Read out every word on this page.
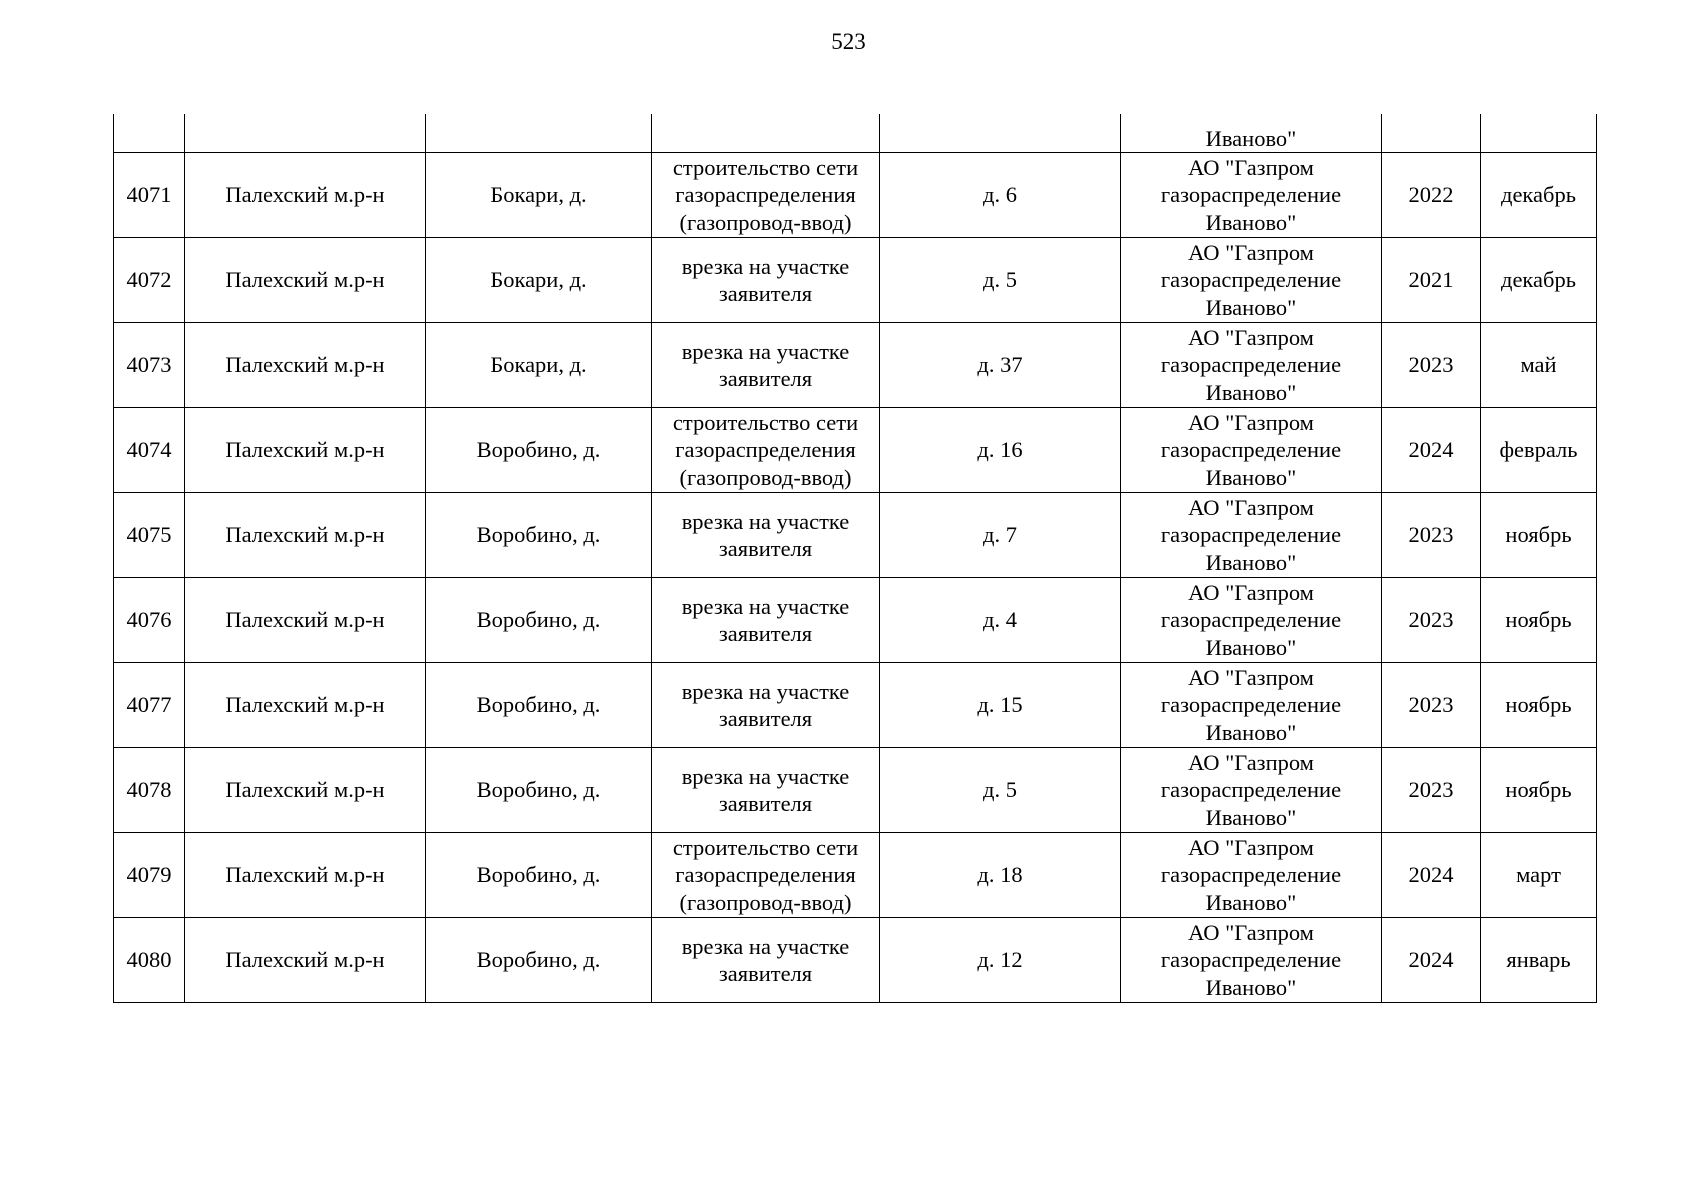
523
					Иваново"		
4071	Палехский м.р-н	Бокари, д.	строительство сети
газораспределения
(газопровод-ввод)	д. 6	АО "Газпром
газораспределение
Иваново"	2022	декабрь
4072	Палехский м.р-н	Бокари, д.	врезка на участке
заявителя	д. 5	АО "Газпром
газораспределение
Иваново"	2021	декабрь
4073	Палехский м.р-н	Бокари, д.	врезка на участке
заявителя	д. 37	АО "Газпром
газораспределение
Иваново"	2023	май
4074	Палехский м.р-н	Воробино, д.	строительство сети
газораспределения
(газопровод-ввод)	д. 16	АО "Газпром
газораспределение
Иваново"	2024	февраль
4075	Палехский м.р-н	Воробино, д.	врезка на участке
заявителя	д. 7	АО "Газпром
газораспределение
Иваново"	2023	ноябрь
4076	Палехский м.р-н	Воробино, д.	врезка на участке
заявителя	д. 4	АО "Газпром
газораспределение
Иваново"	2023	ноябрь
4077	Палехский м.р-н	Воробино, д.	врезка на участке
заявителя	д. 15	АО "Газпром
газораспределение
Иваново"	2023	ноябрь
4078	Палехский м.р-н	Воробино, д.	врезка на участке
заявителя	д. 5	АО "Газпром
газораспределение
Иваново"	2023	ноябрь
4079	Палехский м.р-н	Воробино, д.	строительство сети
газораспределения
(газопровод-ввод)	д. 18	АО "Газпром
газораспределение
Иваново"	2024	март
4080	Палехский м.р-н	Воробино, д.	врезка на участке
заявителя	д. 12	АО "Газпром
газораспределение
Иваново"	2024	январь
